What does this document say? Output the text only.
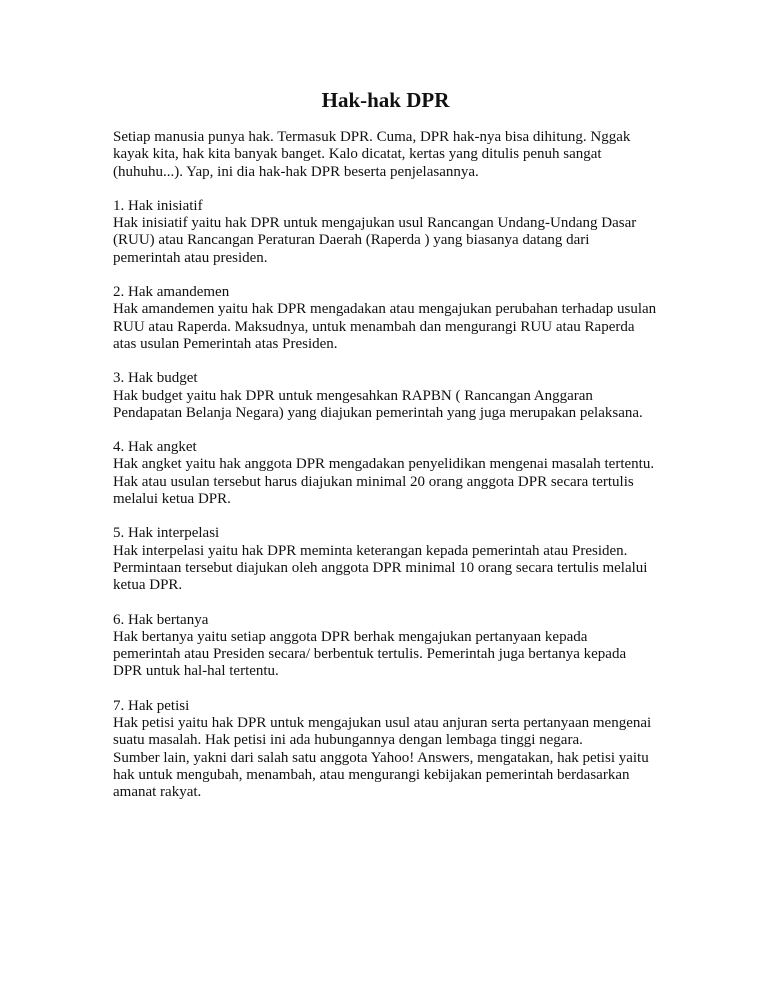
Hak-hak DPR

Setiap manusia punya hak. Termasuk DPR. Cuma, DPR hak-nya bisa dihitung. Nggak kayak kita, hak kita banyak banget. Kalo dicatat, kertas yang ditulis penuh sangat (huhuhu...). Yap, ini dia hak-hak DPR beserta penjelasannya.

1. Hak inisiatif

Hak inisiatif yaitu hak DPR untuk mengajukan usul Rancangan Undang-Undang Dasar (RUU) atau Rancangan Peraturan Daerah (Raperda ) yang biasanya datang dari pemerintah atau presiden.

2. Hak amandemen

Hak amandemen yaitu hak DPR mengadakan atau mengajukan perubahan terhadap usulan RUU atau Raperda. Maksudnya, untuk menambah dan mengurangi RUU atau Raperda atas usulan Pemerintah atas Presiden.

3. Hak budget

Hak budget yaitu hak DPR untuk mengesahkan RAPBN ( Rancangan Anggaran Pendapatan Belanja Negara) yang diajukan pemerintah yang juga merupakan pelaksana.

4. Hak angket

Hak angket yaitu hak anggota DPR mengadakan penyelidikan mengenai masalah tertentu. Hak atau usulan tersebut harus diajukan minimal 20 orang anggota DPR secara tertulis melalui ketua DPR.

5. Hak interpelasi

Hak interpelasi yaitu hak DPR meminta keterangan kepada pemerintah atau Presiden. Permintaan tersebut diajukan oleh anggota DPR minimal 10 orang secara tertulis melalui ketua DPR.

6. Hak bertanya

Hak bertanya yaitu setiap anggota DPR berhak mengajukan pertanyaan kepada pemerintah atau Presiden secara/ berbentuk tertulis. Pemerintah juga bertanya kepada DPR untuk hal-hal tertentu.

7. Hak petisi

Hak petisi yaitu hak DPR untuk mengajukan usul atau anjuran serta pertanyaan mengenai suatu masalah. Hak petisi ini ada hubungannya dengan lembaga tinggi negara.

Sumber lain, yakni dari salah satu anggota Yahoo! Answers, mengatakan, hak petisi yaitu hak untuk mengubah, menambah, atau mengurangi kebijakan pemerintah berdasarkan amanat rakyat.
